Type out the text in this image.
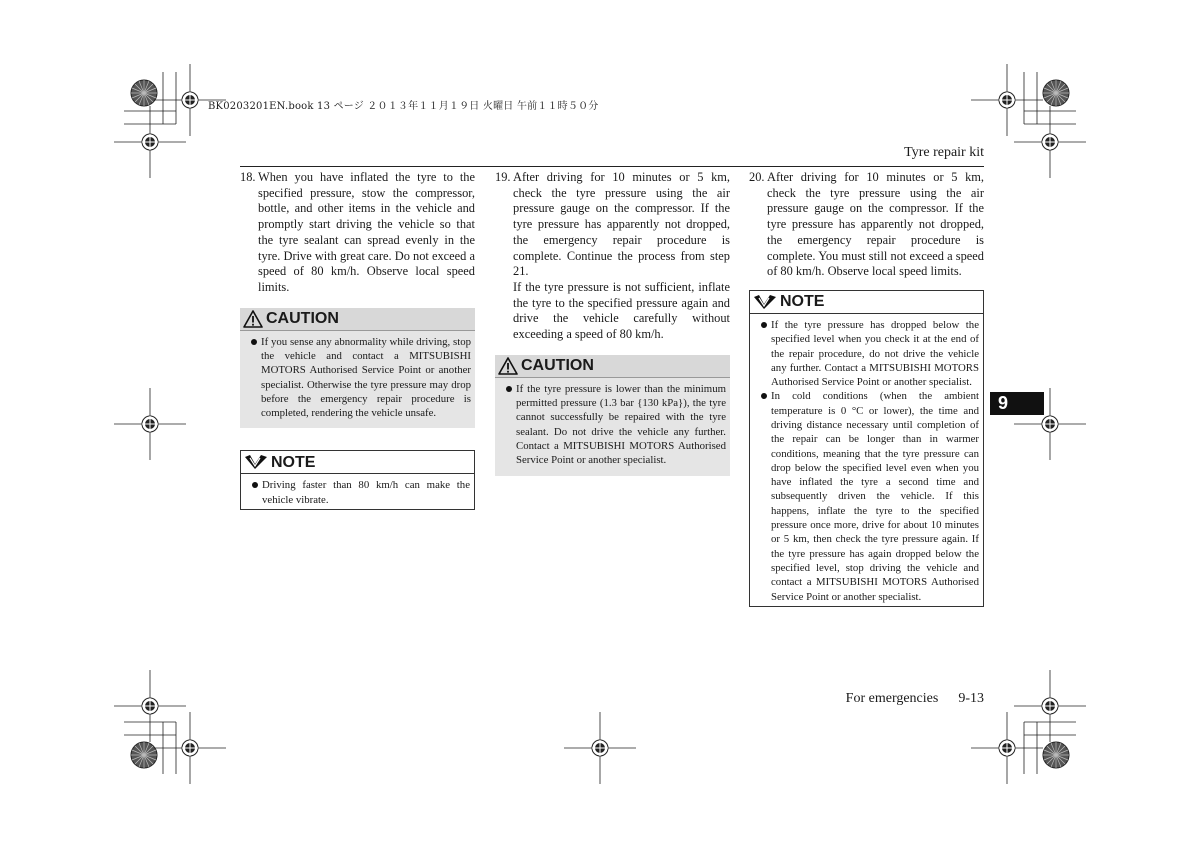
BK0203201EN.book 13 ページ ２０１３年１１月１９日 火曜日 午前１１時５０分
Tyre repair kit
18. When you have inflated the tyre to the specified pressure, stow the compressor, bottle, and other items in the vehicle and promptly start driving the vehicle so that the tyre sealant can spread evenly in the tyre. Drive with great care. Do not exceed a speed of 80 km/h. Observe local speed limits.

CAUTION
If you sense any abnormality while driving, stop the vehicle and contact a MITSUBISHI MOTORS Authorised Service Point or another specialist. Otherwise the tyre pressure may drop before the emergency repair procedure is completed, rendering the vehicle unsafe.
NOTE
Driving faster than 80 km/h can make the vehicle vibrate.
19. After driving for 10 minutes or 5 km, check the tyre pressure using the air pressure gauge on the compressor. If the tyre pressure has apparently not dropped, the emergency repair procedure is complete. Continue the process from step 21.

If the tyre pressure is not sufficient, inflate the tyre to the specified pressure again and drive the vehicle carefully without exceeding a speed of 80 km/h.

CAUTION
If the tyre pressure is lower than the minimum permitted pressure (1.3 bar {130 kPa}), the tyre cannot successfully be repaired with the tyre sealant. Do not drive the vehicle any further. Contact a MITSUBISHI MOTORS Authorised Service Point or another specialist.
20. After driving for 10 minutes or 5 km, check the tyre pressure using the air pressure gauge on the compressor. If the tyre pressure has apparently not dropped, the emergency repair procedure is complete. You must still not exceed a speed of 80 km/h. Observe local speed limits.

NOTE
If the tyre pressure has dropped below the specified level when you check it at the end of the repair procedure, do not drive the vehicle any further. Contact a MITSUBISHI MOTORS Authorised Service Point or another specialist.
In cold conditions (when the ambient temperature is 0 °C or lower), the time and driving distance necessary until completion of the repair can be longer than in warmer conditions, meaning that the tyre pressure can drop below the specified level even when you have inflated the tyre a second time and subsequently driven the vehicle. If this happens, inflate the tyre to the specified pressure once more, drive for about 10 minutes or 5 km, then check the tyre pressure again. If the tyre pressure has again dropped below the specified level, stop driving the vehicle and contact a MITSUBISHI MOTORS Authorised Service Point or another specialist.
9
For emergencies 9-13
